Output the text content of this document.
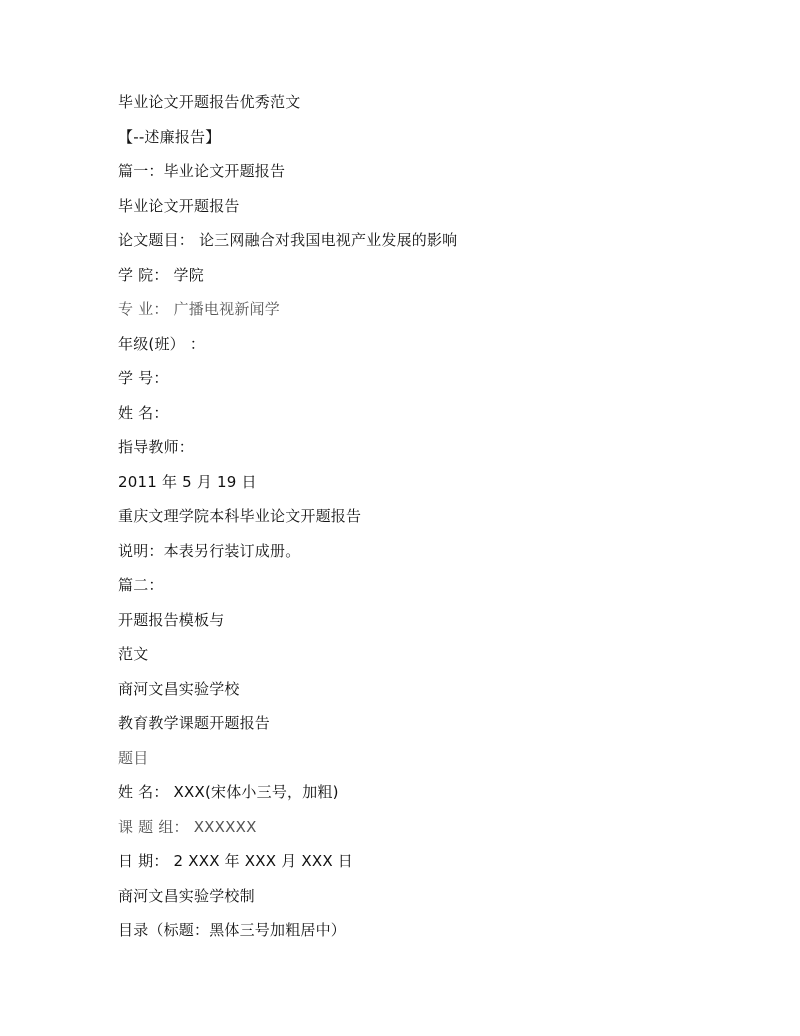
毕业论文开题报告优秀范文
【--述廉报告】
篇一：毕业论文开题报告
毕业论文开题报告
论文题目： 论三网融合对我国电视产业发展的影响
学 院： 学院
专 业： 广播电视新闻学
年级(班） ：
学 号：
姓 名：
指导教师：
2011 年 5 月 19 日
重庆文理学院本科毕业论文开题报告
说明：本表另行装订成册。
篇二：
开题报告模板与
范文
商河文昌实验学校
教育教学课题开题报告
题目
姓 名： XXX(宋体小三号，加粗)
课 题 组： XXXXXX
日 期： 2 XXX 年 XXX 月 XXX 日
商河文昌实验学校制
目录（标题：黑体三号加粗居中）
